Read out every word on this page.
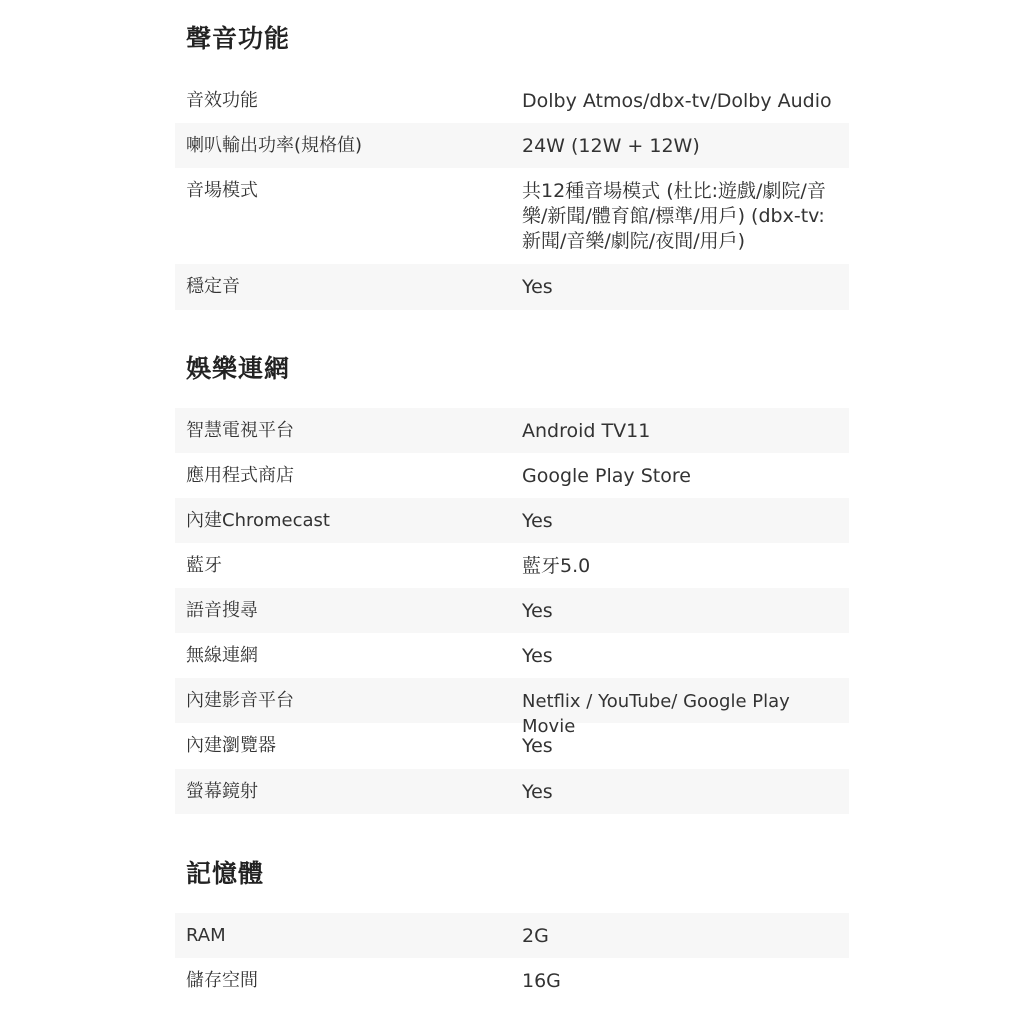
聲音功能
音效功能	Dolby Atmos/dbx-tv/Dolby Audio
喇叭輸出功率(規格值)	24W (12W + 12W)
音場模式	共12種音場模式 (杜比:遊戲/劇院/音樂/新聞/體育館/標準/用戶) (dbx-tv:新聞/音樂/劇院/夜間/用戶)
穩定音	Yes
娛樂連網
智慧電視平台	Android TV11
應用程式商店	Google Play Store
內建Chromecast	Yes
藍牙	藍牙5.0
語音搜尋	Yes
無線連網	Yes
內建影音平台	Netflix / YouTube/ Google Play Movie
內建瀏覽器	Yes
螢幕鏡射	Yes
記憶體
RAM	2G
儲存空間	16G
